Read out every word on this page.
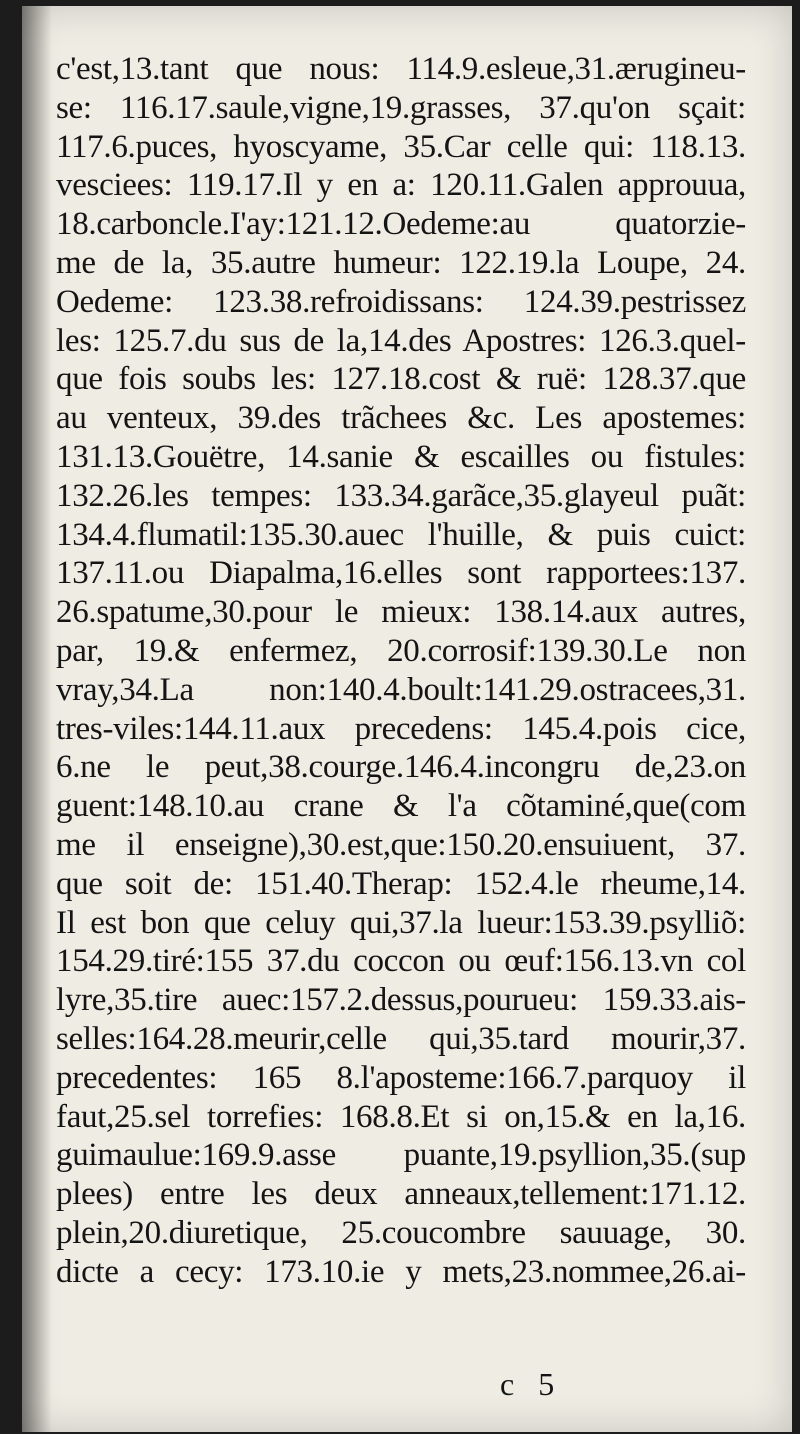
c'est,13.tant que nous: 114.9.esleue,31.ærugineu-
se: 116.17.saule,vigne,19.grasses, 37.qu'on sçait:
117.6.puces, hyoscyame, 35.Car celle qui: 118.13.
vesciees: 119.17.Il y en a: 120.11.Galen approuua,
18.carboncle.I'ay:121.12.Oedeme:au quatorzie-
me de la, 35.autre humeur: 122.19.la Loupe, 24.
Oedeme: 123.38.refroidissans: 124.39.pestrissez
les: 125.7.du sus de la,14.des Apostres: 126.3.quel-
que fois soubs les: 127.18.cost & ruë: 128.37.que
au venteux, 39.des trãchees &c. Les apostemes:
131.13.Gouëtre, 14.sanie & escailles ou fistules:
132.26.les tempes: 133.34.garãce,35.glayeul puãt:
134.4.flumatil:135.30.auec l'huille, & puis cuict:
137.11.ou Diapalma,16.elles sont rapportees:137.
26.spatume,30.pour le mieux: 138.14.aux autres,
par, 19.& enfermez, 20.corrosif:139.30.Le non
vray,34.La non:140.4.boult:141.29.ostracees,31.
tres-viles:144.11.aux precedens: 145.4.pois cice,
6.ne le peut,38.courge.146.4.incongru de,23.on
guent:148.10.au crane & l'a cõtaminé,que(com
me il enseigne),30.est,que:150.20.ensuiuent, 37.
que soit de: 151.40.Therap: 152.4.le rheume,14.
Il est bon que celuy qui,37.la lueur:153.39.psylliõ:
154.29.tiré:155 37.du coccon ou œuf:156.13.vn col
lyre,35.tire auec:157.2.dessus,pourueu: 159.33.ais-
selles:164.28.meurir,celle qui,35.tard mourir,37.
precedentes: 165 8.l'aposteme:166.7.parquoy il
faut,25.sel torrefies: 168.8.Et si on,15.& en la,16.
guimaulue:169.9.asse puante,19.psyllion,35.(sup
plees) entre les deux anneaux,tellement:171.12.
plein,20.diuretique, 25.coucombre sauuage, 30.
dicte a cecy: 173.10.ie y mets,23.nommee,26.ai-
c 5
